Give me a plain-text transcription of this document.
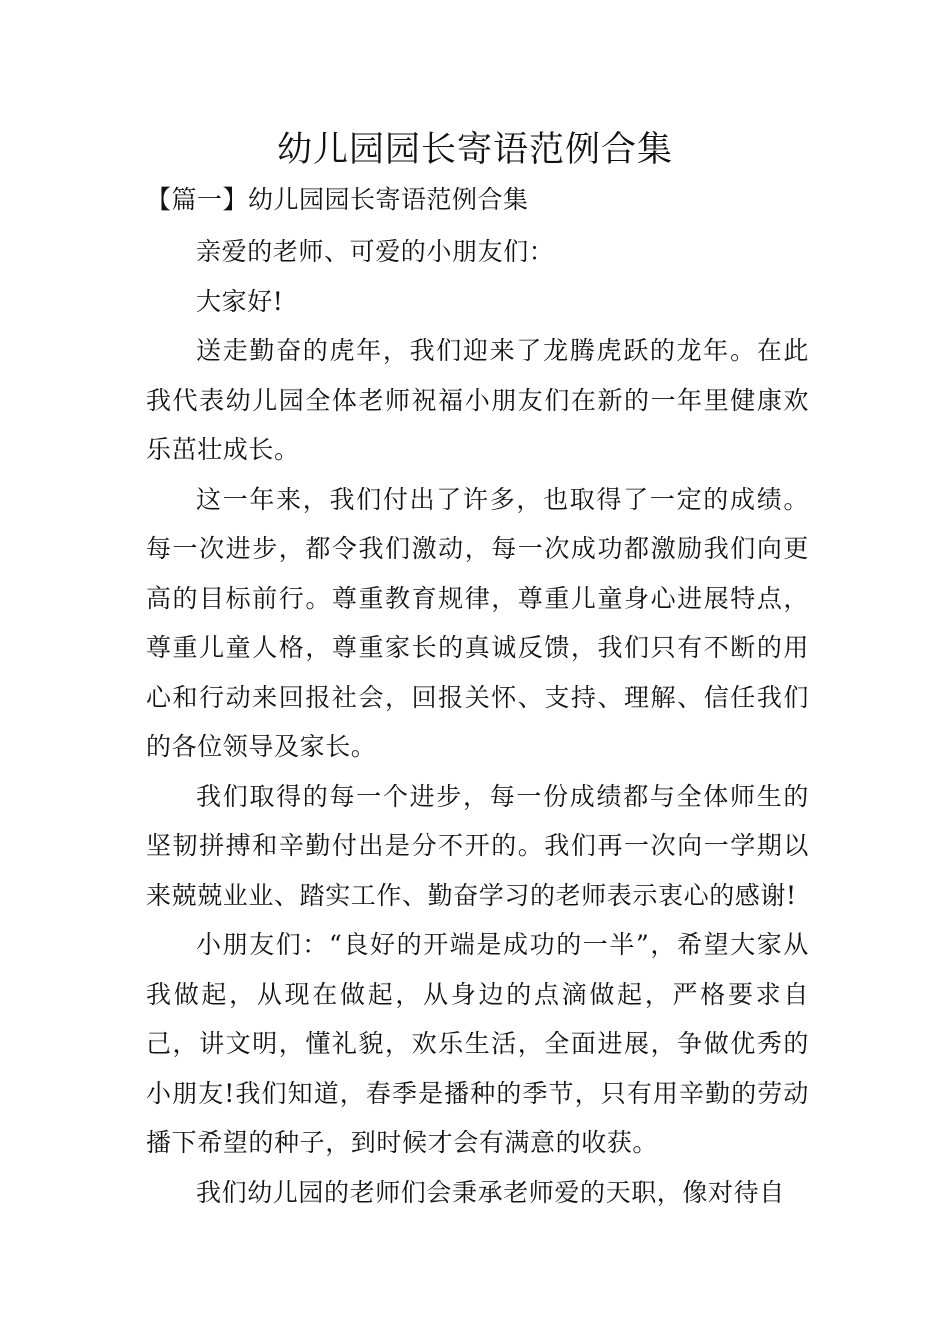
幼儿园园长寄语范例合集
【篇一】幼儿园园长寄语范例合集

亲爱的老师、可爱的小朋友们：

大家好!

送走勤奋的虎年，我们迎来了龙腾虎跃的龙年。在此我代表幼儿园全体老师祝福小朋友们在新的一年里健康欢乐茁壮成长。

这一年来，我们付出了许多，也取得了一定的成绩。每一次进步，都令我们激动，每一次成功都激励我们向更高的目标前行。尊重教育规律，尊重儿童身心进展特点，尊重儿童人格，尊重家长的真诚反馈，我们只有不断的用心和行动来回报社会，回报关怀、支持、理解、信任我们的各位领导及家长。

我们取得的每一个进步，每一份成绩都与全体师生的坚韧拼搏和辛勤付出是分不开的。我们再一次向一学期以来兢兢业业、踏实工作、勤奋学习的老师表示衷心的感谢!

小朋友们：“良好的开端是成功的一半”，希望大家从我做起，从现在做起，从身边的点滴做起，严格要求自己，讲文明，懂礼貌，欢乐生活，全面进展，争做优秀的小朋友!我们知道，春季是播种的季节，只有用辛勤的劳动播下希望的种子，到时候才会有满意的收获。

我们幼儿园的老师们会秉承老师爱的天职，像对待自
